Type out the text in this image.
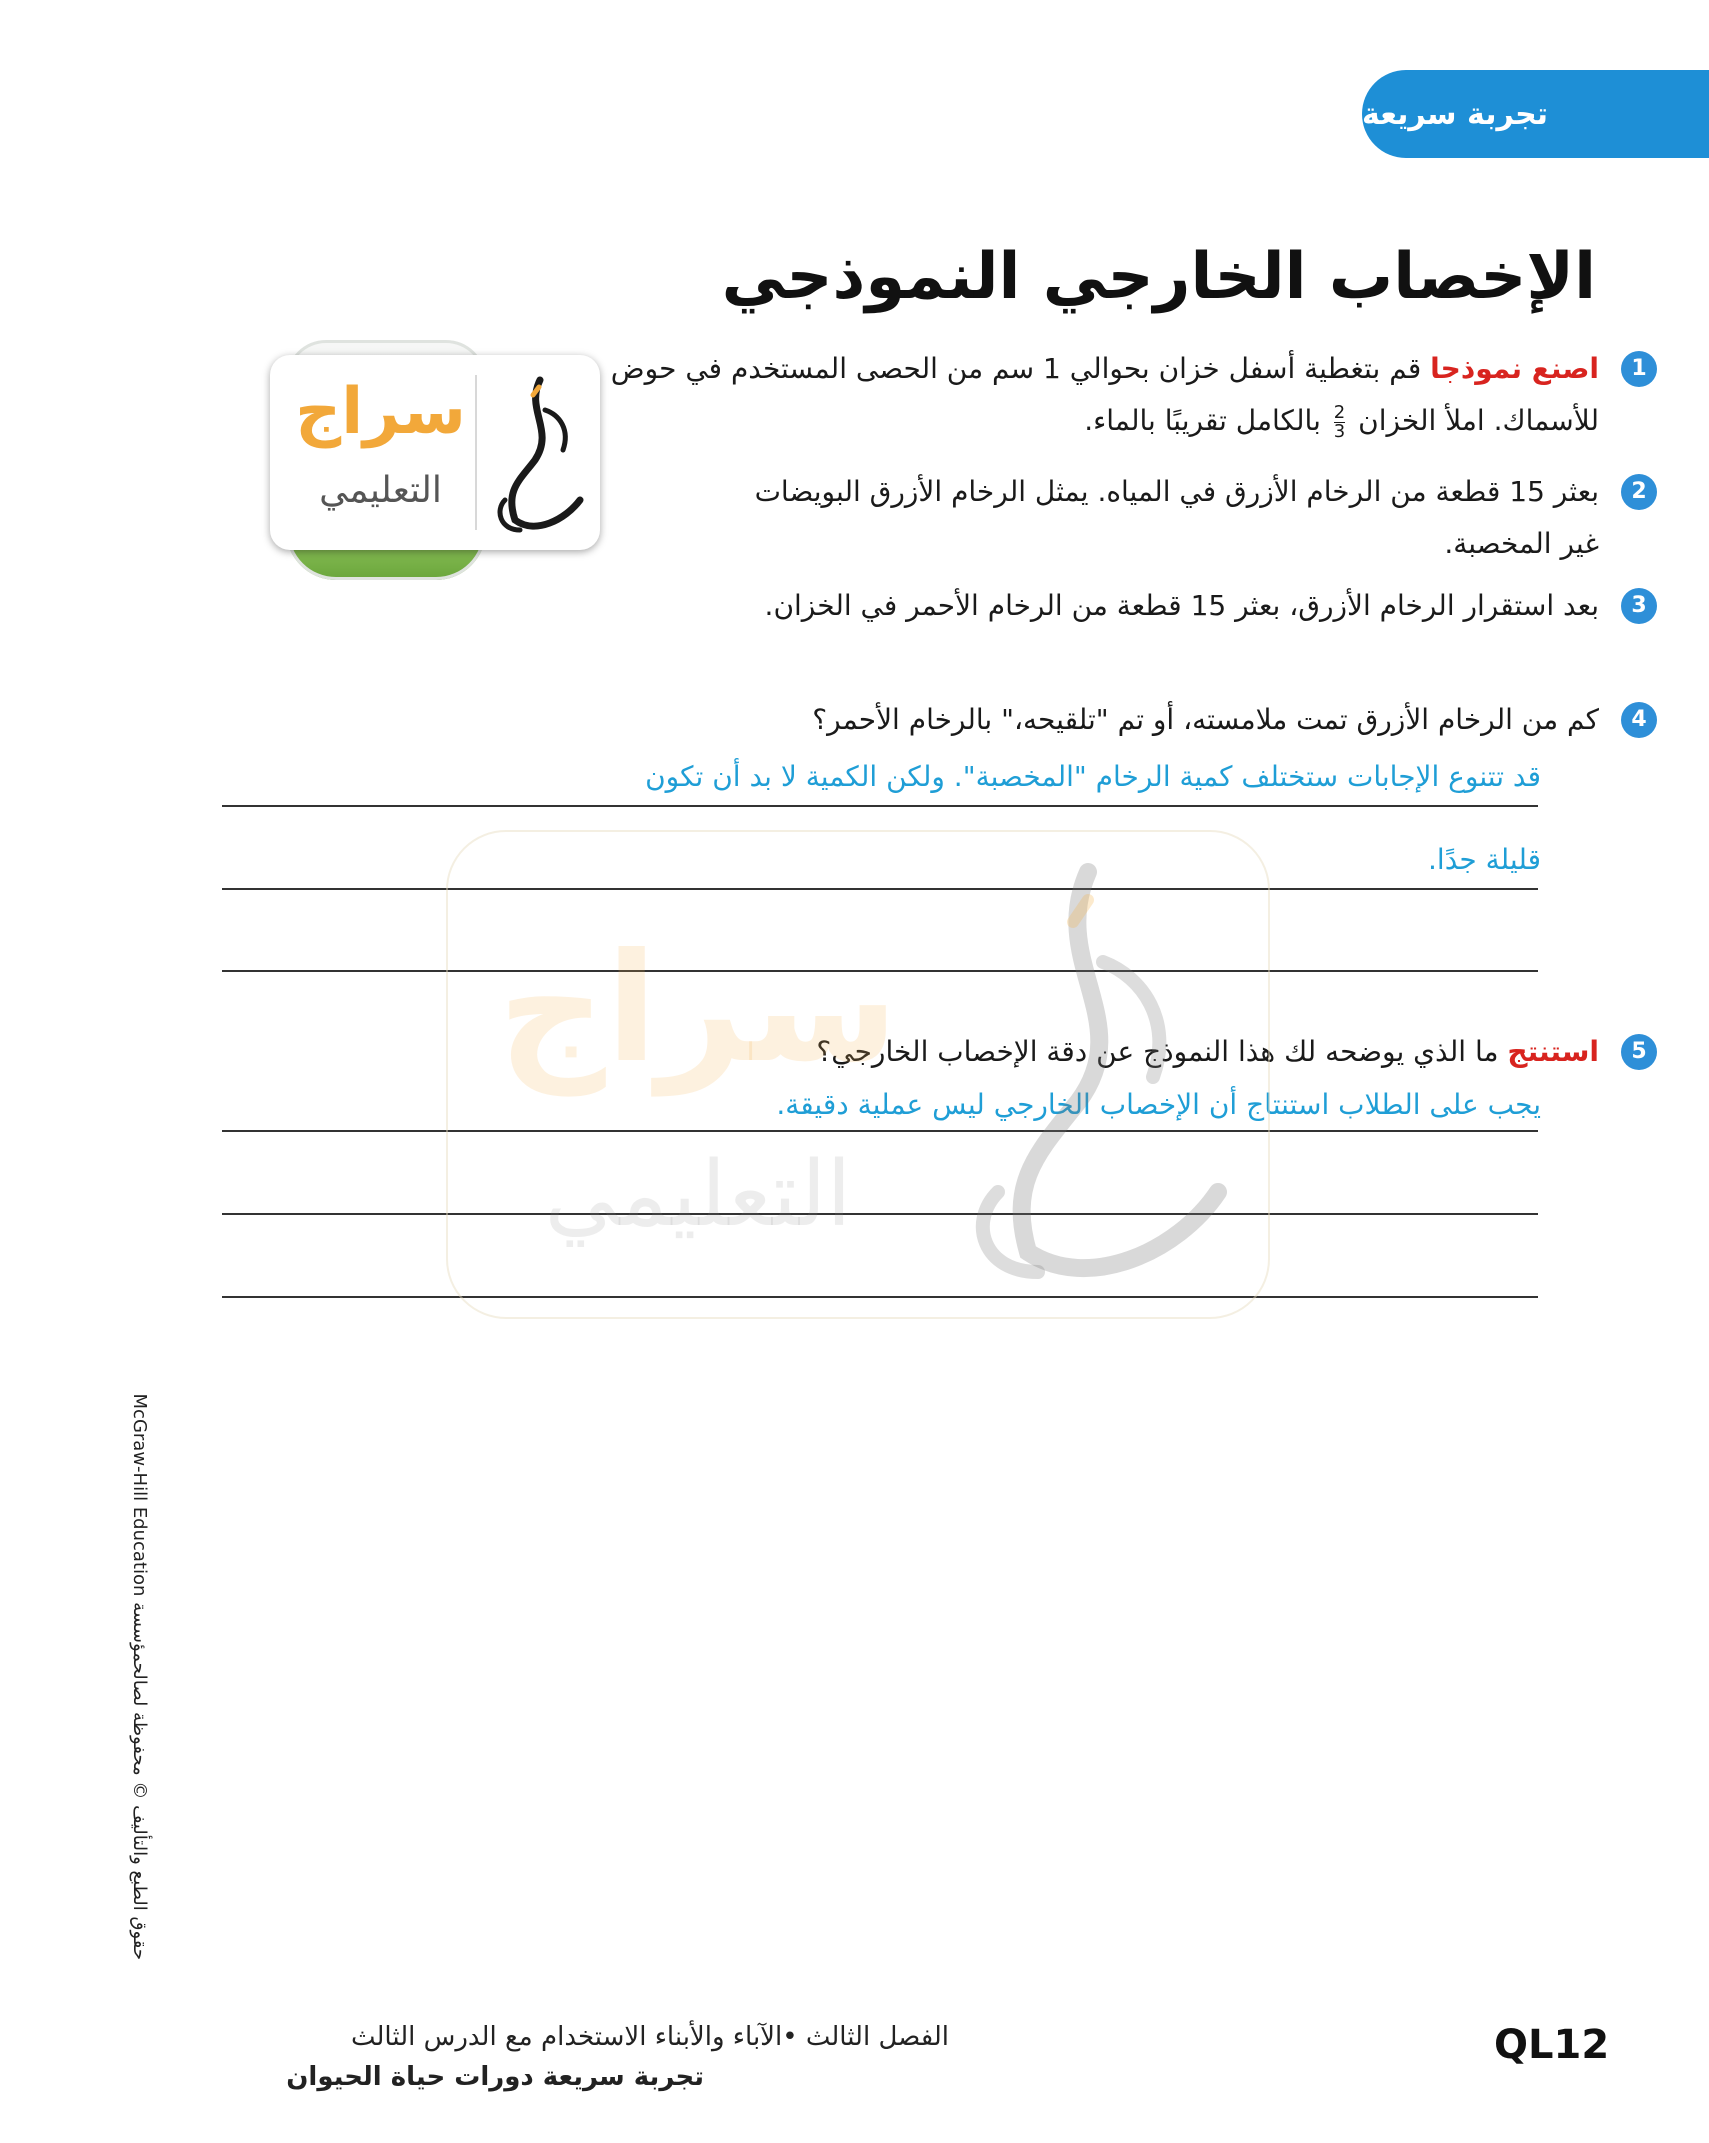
تجربة سريعة
الإخصاب الخارجي النموذجي
سراج
التعليمي
1
اصنع نموذجا قم بتغطية أسفل خزان بحوالي 1 سم من الحصى المستخدم في حوض للأسماك. املأ الخزان
$\frac{2}{3}$
بالكامل تقريبًا بالماء.
2
بعثر 15 قطعة من الرخام الأزرق في المياه. يمثل الرخام الأزرق البويضات غير المخصبة.
3
بعد استقرار الرخام الأزرق، بعثر 15 قطعة من الرخام الأحمر في الخزان.
4
كم من الرخام الأزرق تمت ملامسته، أو تم "تلقيحه،" بالرخام الأحمر؟
قد تتنوع الإجابات ستختلف كمية الرخام "المخصبة". ولكن الكمية لا بد أن تكون
قليلة جدًا.
5
استنتج ما الذي يوضحه لك هذا النموذج عن دقة الإخصاب الخارجي؟
يجب على الطلاب استنتاج أن الإخصاب الخارجي ليس عملية دقيقة.
سراج
التعليمي
حقوق الطبع والتأليف © محفوظة لصالحمؤسسة McGraw-Hill Education
QL12
الفصل الثالث •الآباء والأبناء الاستخدام مع الدرس الثالث
تجربة سريعة دورات حياة الحيوان
